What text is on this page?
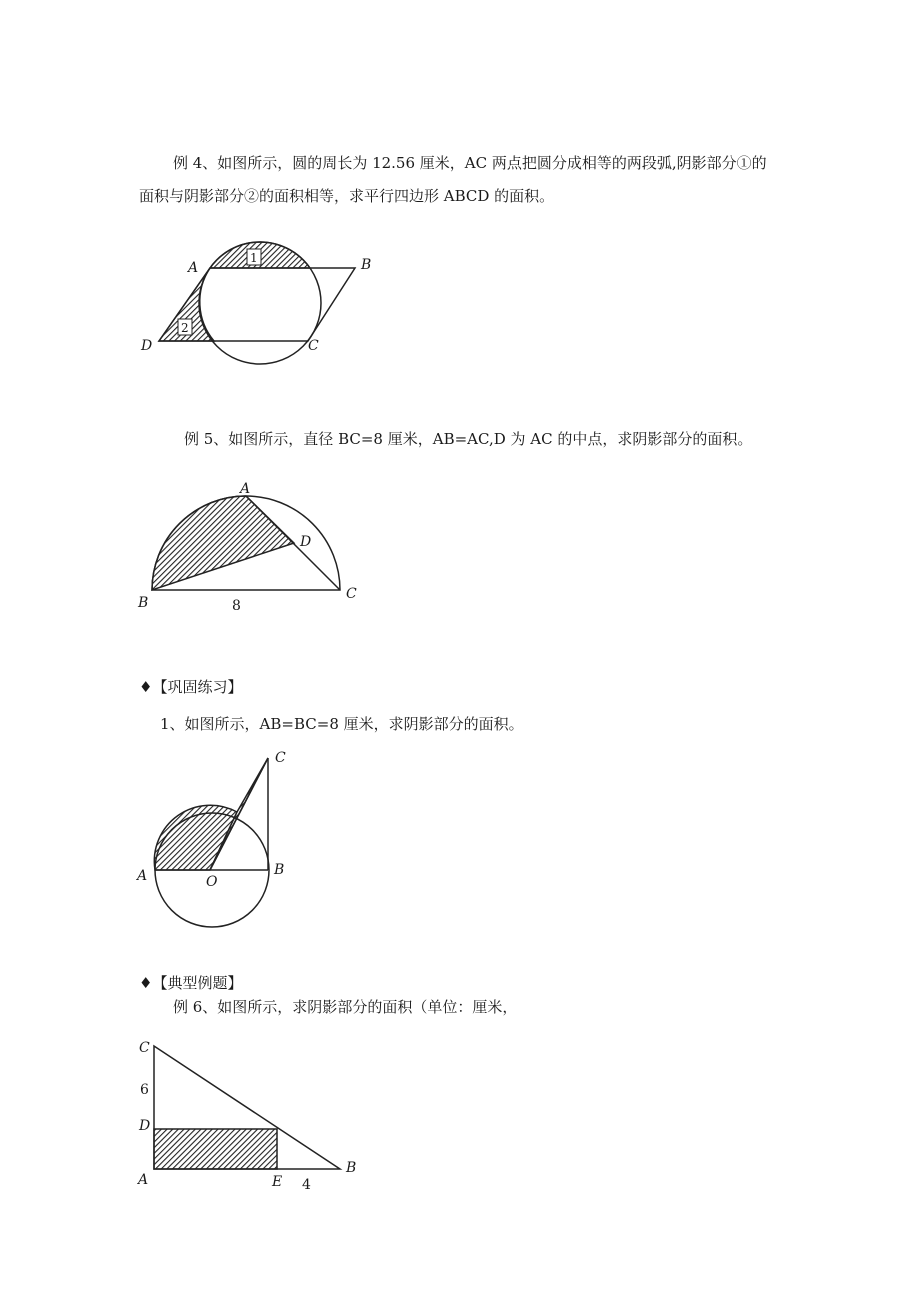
例 4、如图所示，圆的周长为 12.56 厘米，AC 两点把圆分成相等的两段弧,阴影部分①的

面积与阴影部分②的面积相等，求平行四边形 ABCD 的面积。

1
2
A	B
C
D
A
B
C
D
8
A	B
C
O
C
D
A	E
B
6
4

例 5、如图所示，直径 BC=8 厘米，AB=AC,D 为 AC 的中点，求阴影部分的面积。

♦【巩固练习】

1、如图所示，AB=BC=8 厘米，求阴影部分的面积。

♦【典型例题】

例 6、如图所示，求阴影部分的面积（单位：厘米，
